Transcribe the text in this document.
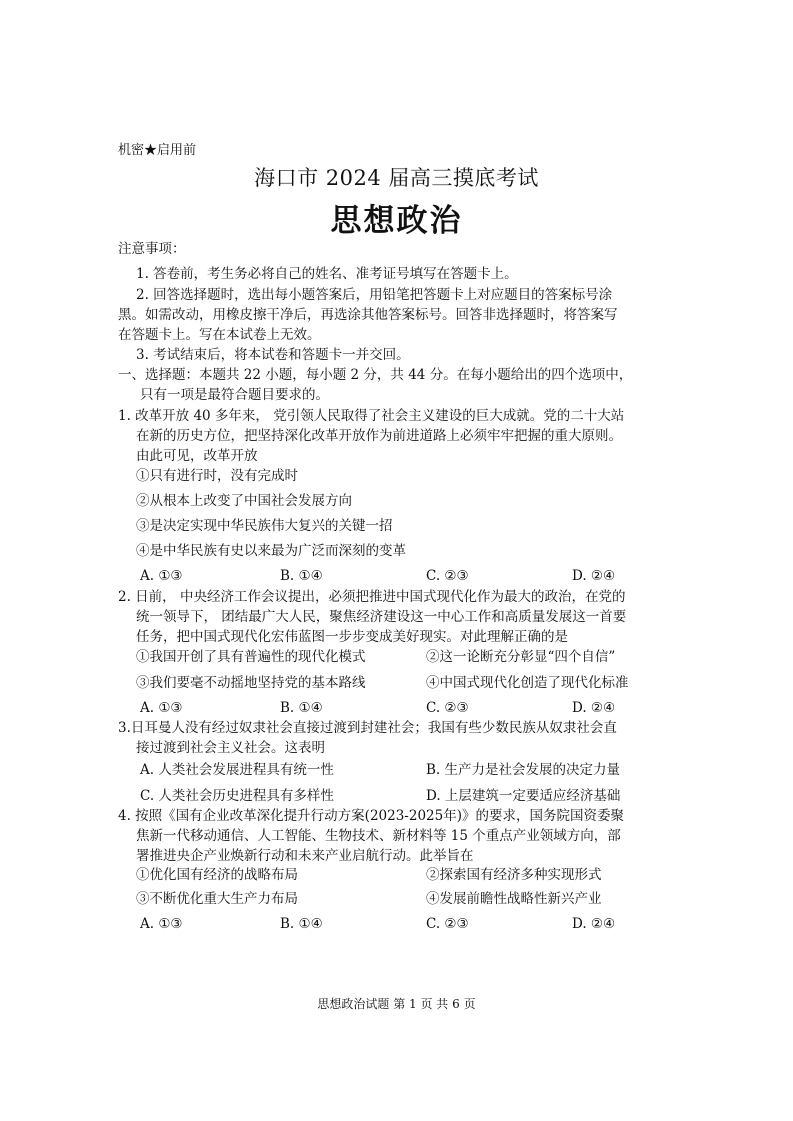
机密★启用前
海口市 2024 届高三摸底考试
思想政治
注意事项：
1. 答卷前，考生务必将自己的姓名、准考证号填写在答题卡上。
2. 回答选择题时，选出每小题答案后，用铅笔把答题卡上对应题目的答案标号涂
黑。如需改动，用橡皮擦干净后，再选涂其他答案标号。回答非选择题时，将答案写
在答题卡上。写在本试卷上无效。
3. 考试结束后，将本试卷和答题卡一并交回。
一、选择题：本题共 22 小题，每小题 2 分，共 44 分。在每小题给出的四个选项中，
只有一项是最符合题目要求的。
1. 改革开放 40 多年来， 党引领人民取得了社会主义建设的巨大成就。党的二十大站
在新的历史方位，把坚持深化改革开放作为前进道路上必须牢牢把握的重大原则。
由此可见，改革开放
①只有进行时，没有完成时
②从根本上改变了中国社会发展方向
③是决定实现中华民族伟大复兴的关键一招
④是中华民族有史以来最为广泛而深刻的变革
A. ①③	B. ①④	C. ②③	D. ②④
2. 日前， 中央经济工作会议提出，必须把推进中国式现代化作为最大的政治，在党的
统一领导下， 团结最广大人民，聚焦经济建设这一中心工作和高质量发展这一首要
任务，把中国式现代化宏伟蓝图一步步变成美好现实。对此理解正确的是
①我国开创了具有普遍性的现代化模式	②这一论断充分彰显“四个自信”
③我们要毫不动摇地坚持党的基本路线	④中国式现代化创造了现代化标准
A. ①③	B. ①④	C. ②③	D. ②④
3.日耳曼人没有经过奴隶社会直接过渡到封建社会；我国有些少数民族从奴隶社会直
接过渡到社会主义社会。这表明
A. 人类社会发展进程具有统一性	B. 生产力是社会发展的决定力量
C. 人类社会历史进程具有多样性	D. 上层建筑一定要适应经济基础
4. 按照《国有企业改革深化提升行动方案(2023-2025年)》的要求，国务院国资委聚
焦新一代移动通信、人工智能、生物技术、新材料等 15 个重点产业领域方向，部
署推进央企产业焕新行动和未来产业启航行动。此举旨在
①优化国有经济的战略布局	②探索国有经济多种实现形式
③不断优化重大生产力布局	④发展前瞻性战略性新兴产业
A. ①③	B. ①④	C. ②③	D. ②④
思想政治试题 第 1 页 共 6 页
